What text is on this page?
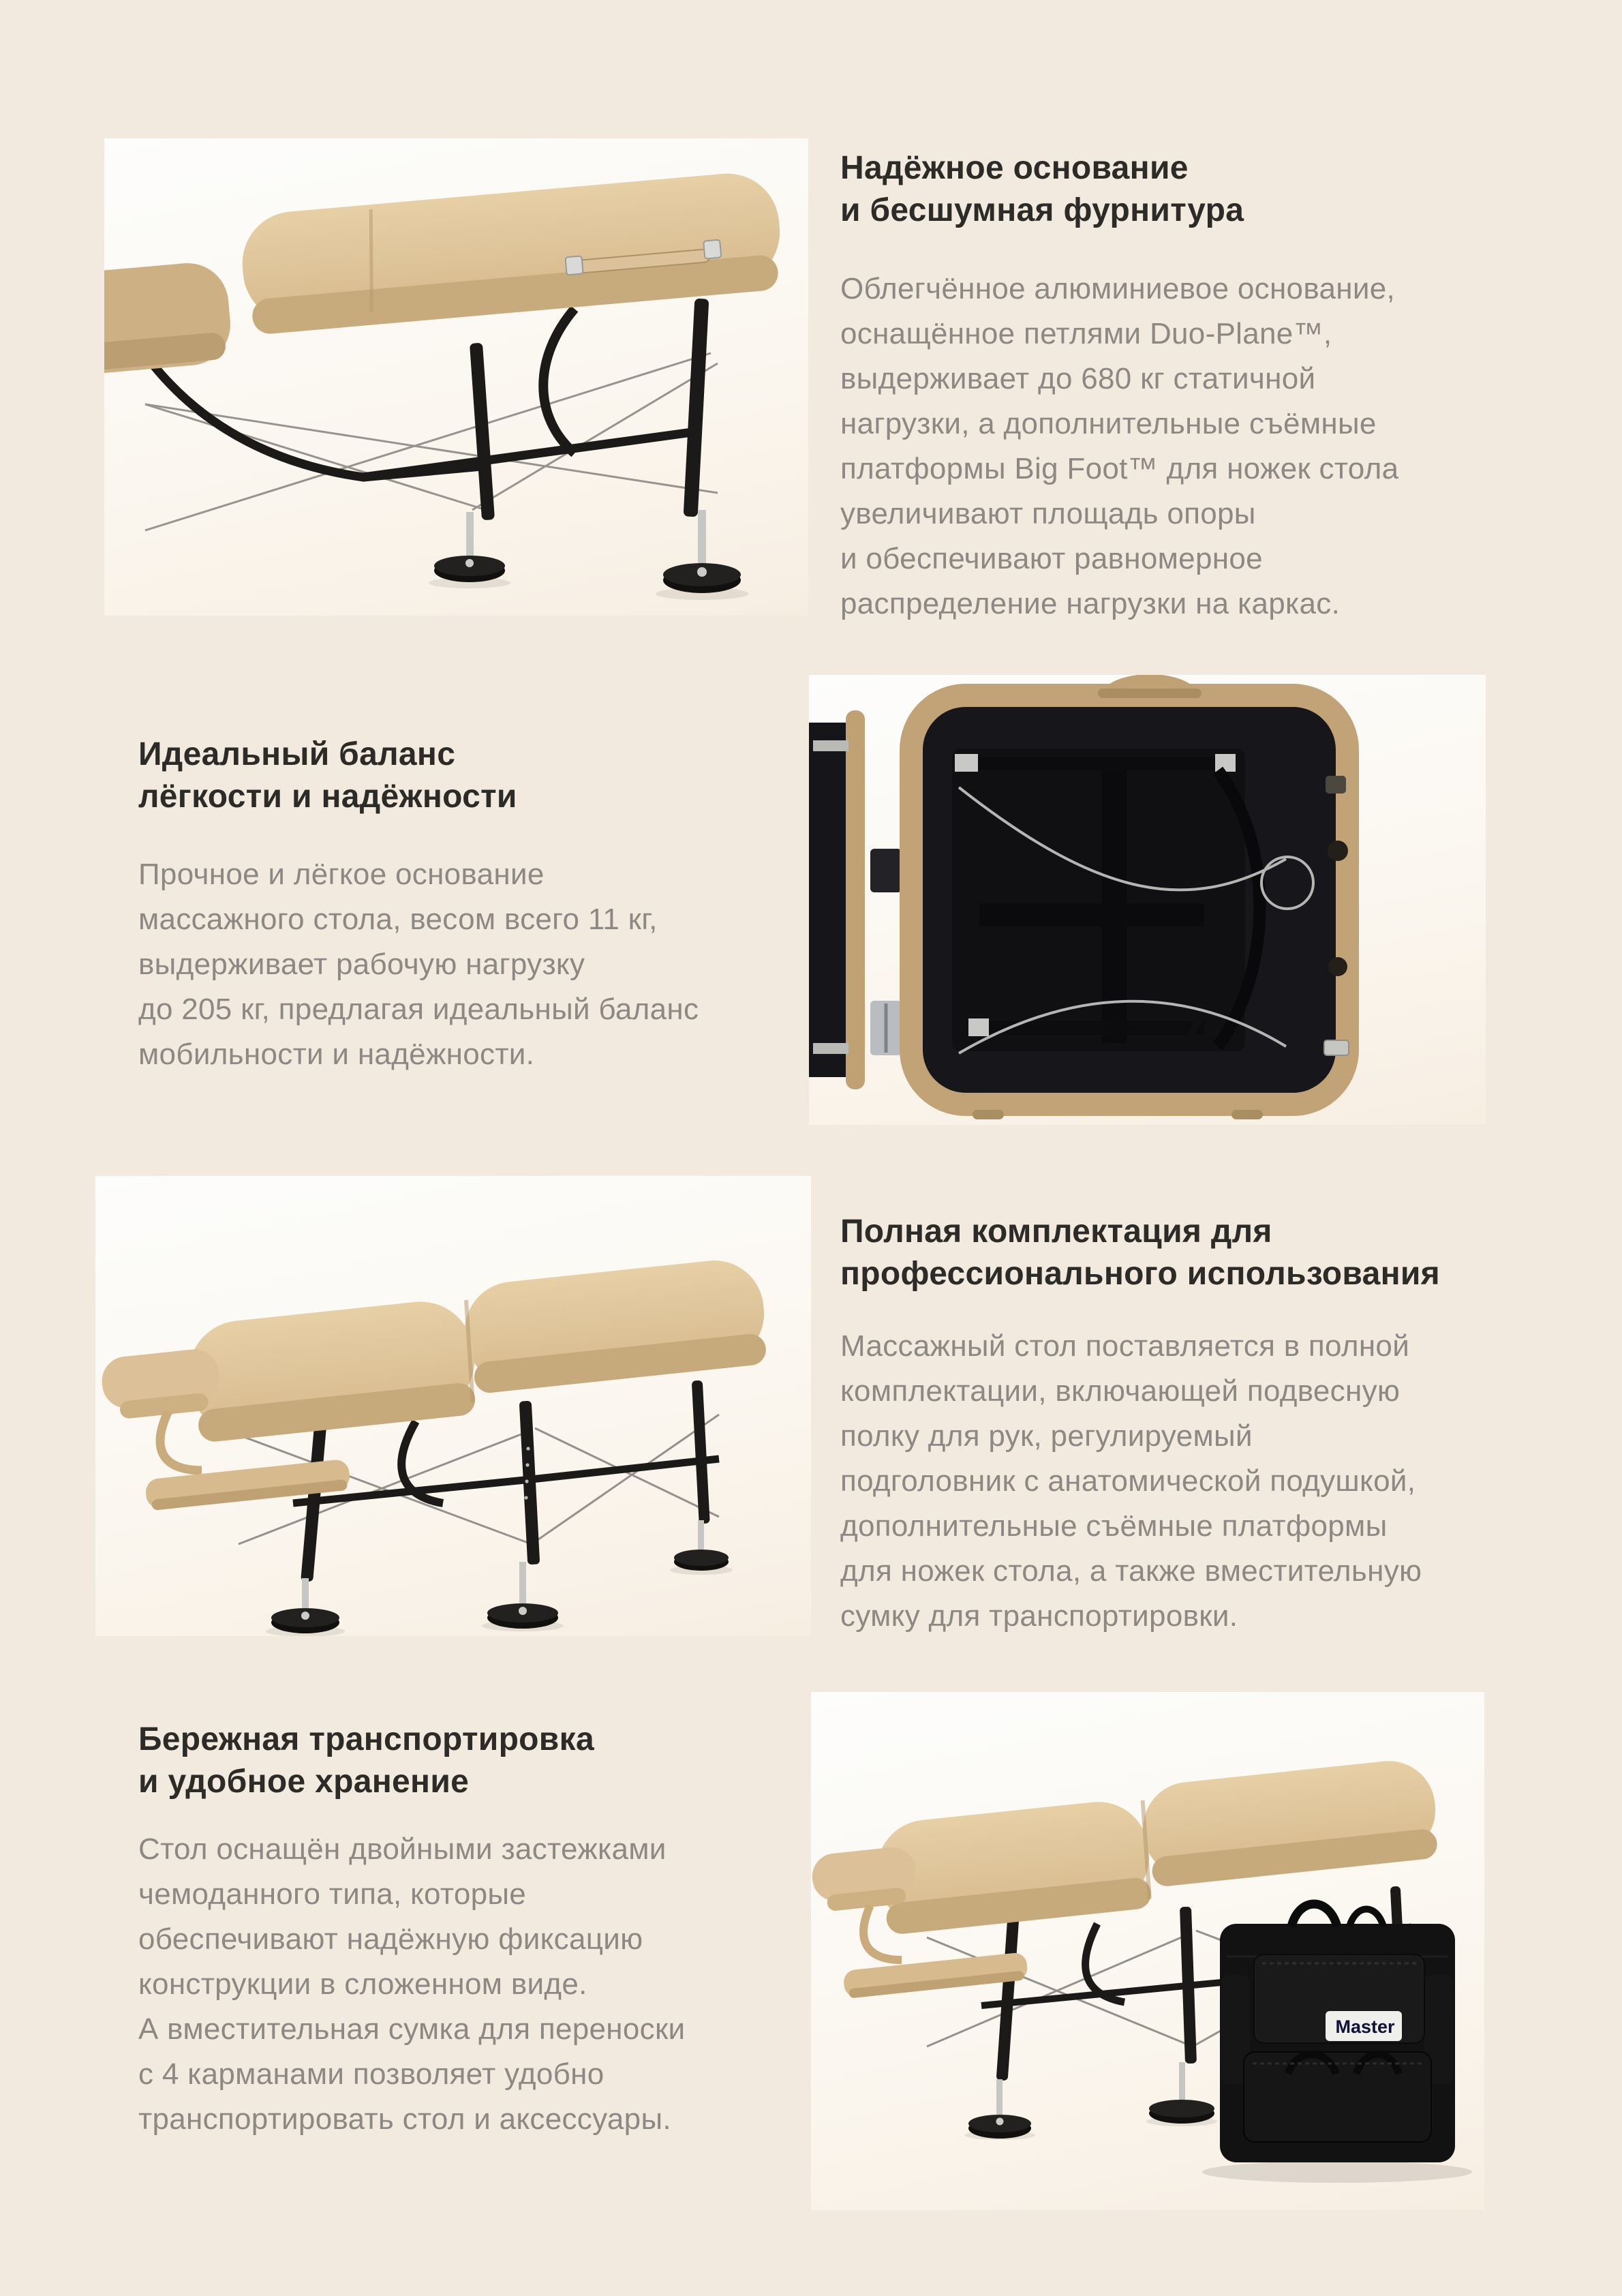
Надёжное основание
и бесшумная фурнитура

Облегчённое алюминиевое основание,
оснащённое петлями Duo-Plane™,
выдерживает до 680 кг статичной
нагрузки, а дополнительные съёмные
платформы Big Foot™ для ножек стола
увеличивают площадь опоры
и обеспечивают равномерное
распределение нагрузки на каркас.

Идеальный баланс
лёгкости и надёжности

Прочное и лёгкое основание
массажного стола, весом всего 11 кг,
выдерживает рабочую нагрузку
до 205 кг, предлагая идеальный баланс
мобильности и надёжности.

Полная комплектация для
профессионального использования

Массажный стол поставляется в полной
комплектации, включающей подвесную
полку для рук, регулируемый
подголовник с анатомической подушкой,
дополнительные съёмные платформы
для ножек стола, а также вместительную
сумку для транспортировки.

Бережная транспортировка
и удобное хранение

Стол оснащён двойными застежками
чемоданного типа, которые
обеспечивают надёжную фиксацию
конструкции в сложенном виде.
А вместительная сумка для переноски
с 4 карманами позволяет удобно
транспортировать стол и аксессуары.

Master
